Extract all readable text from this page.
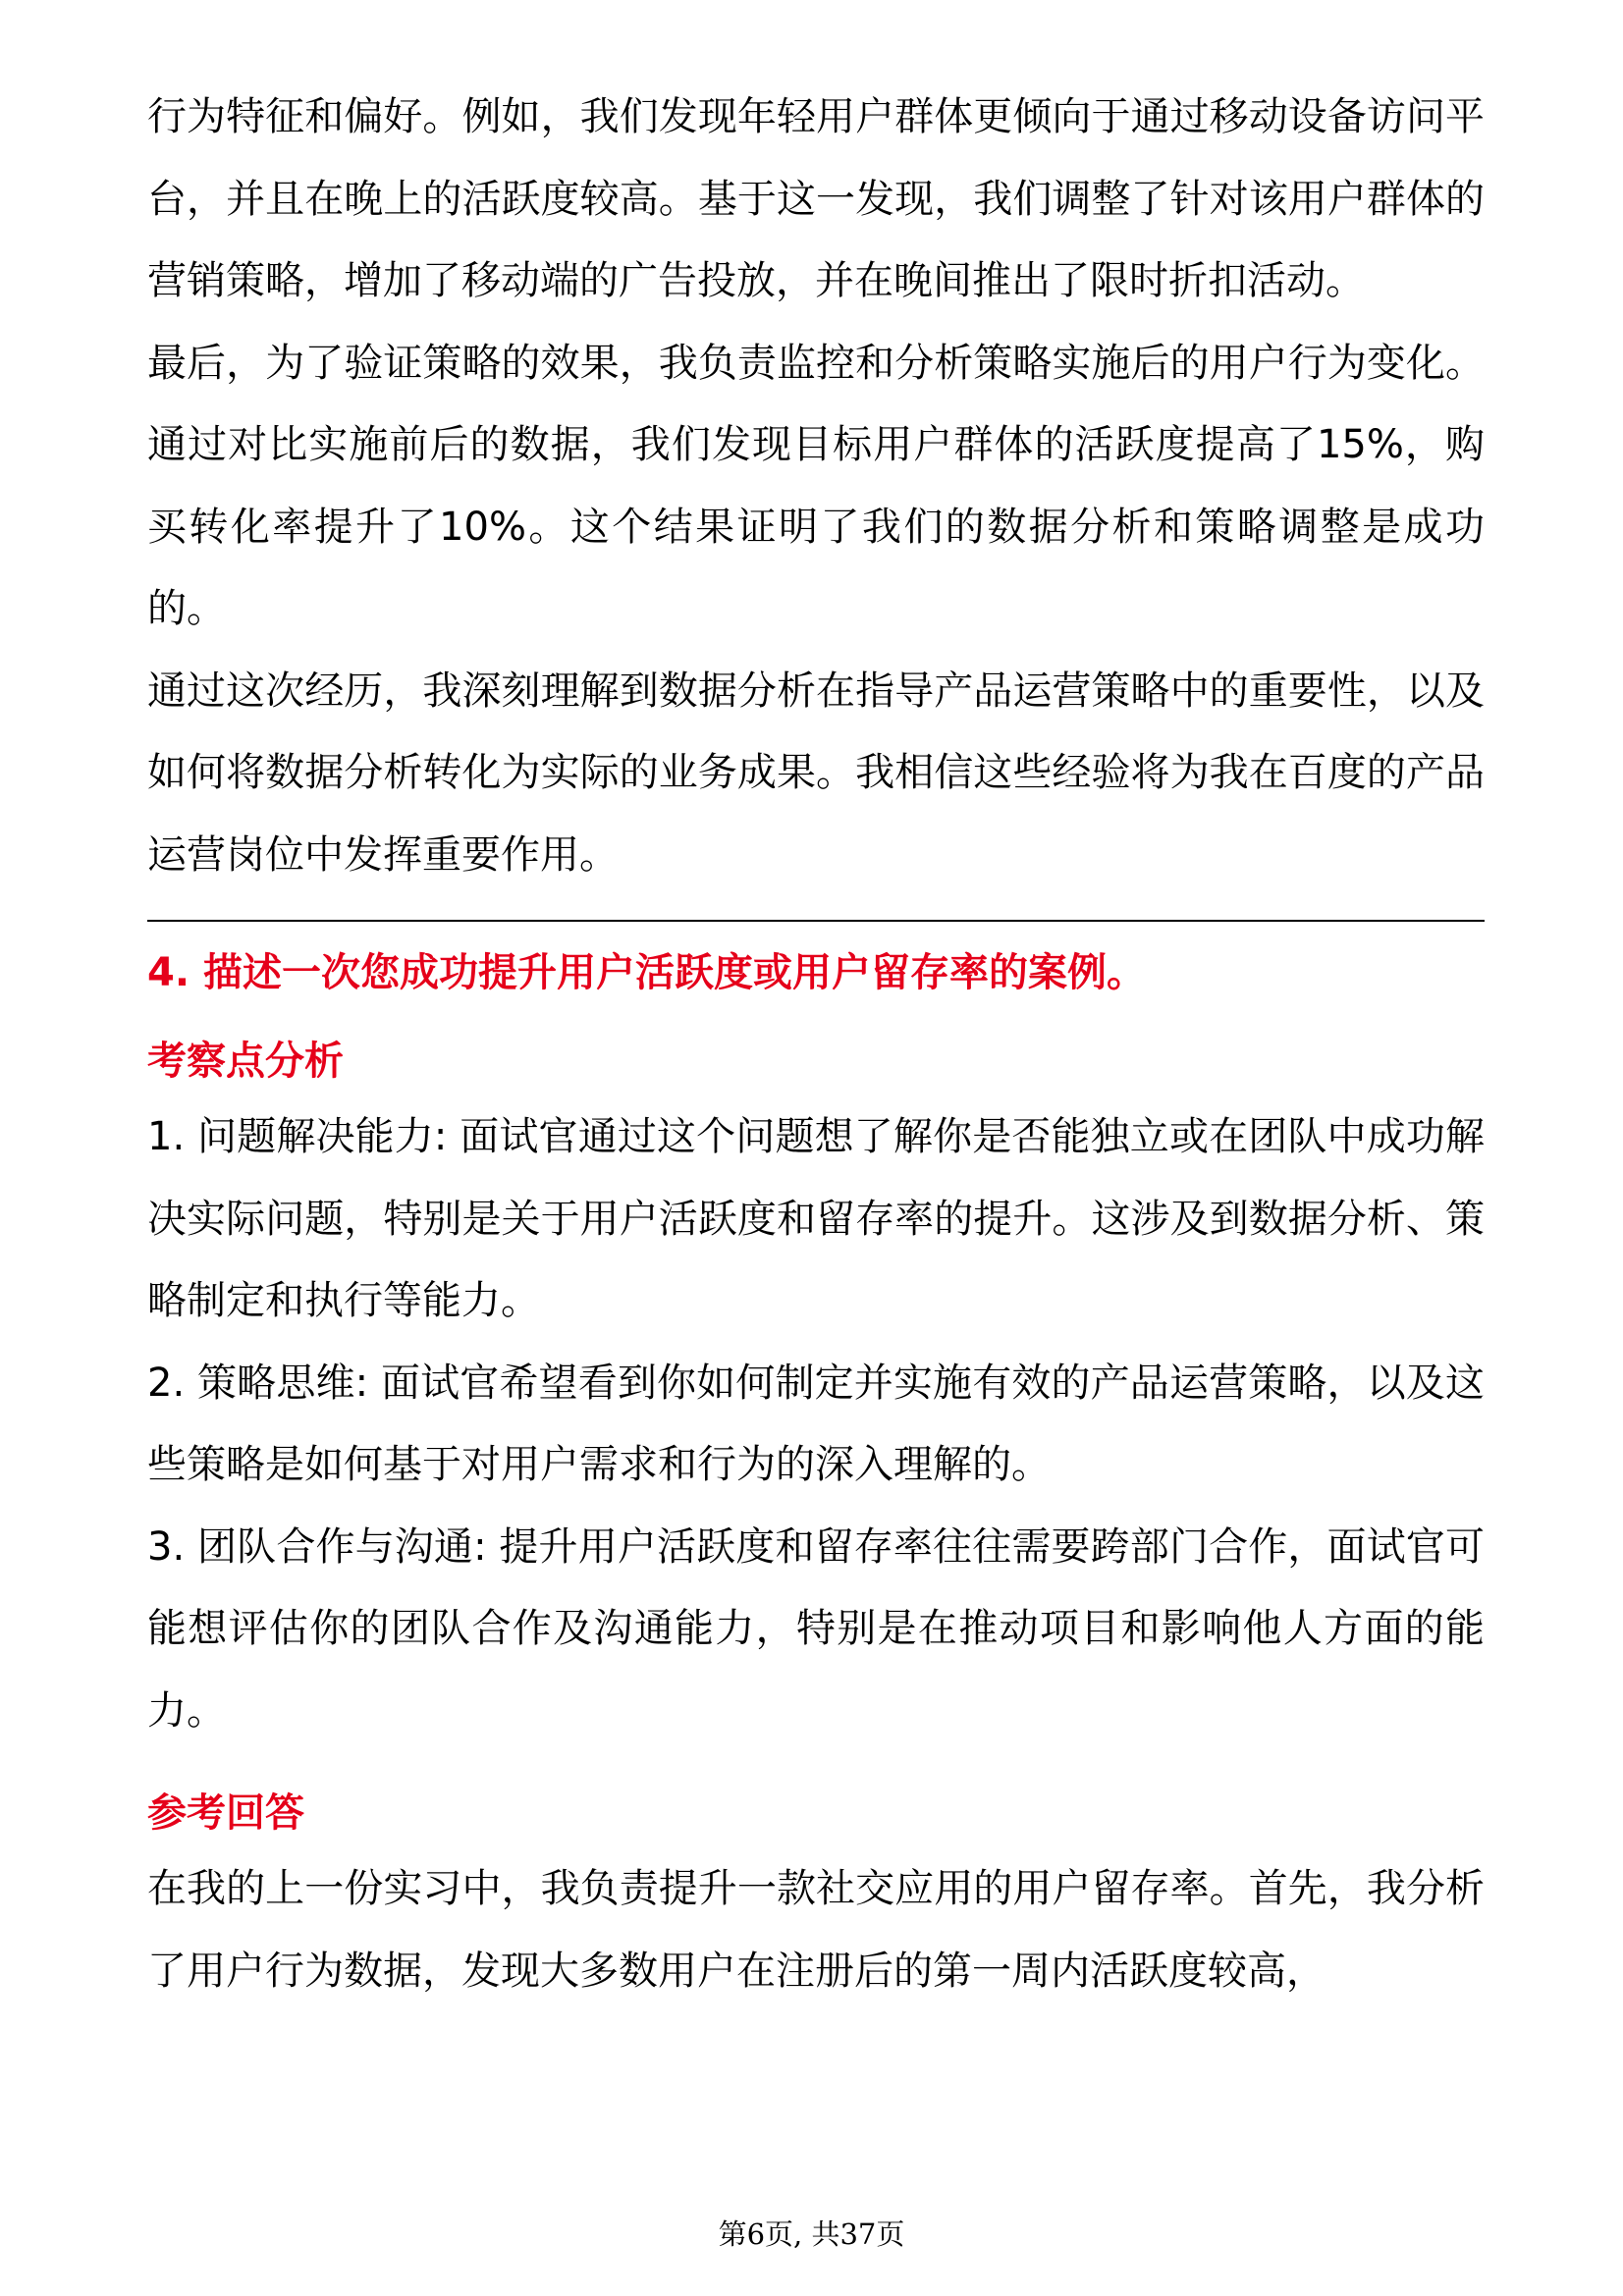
行为特征和偏好。例如，我们发现年轻用户群体更倾向于通过移动设备访问平台，并且在晚上的活跃度较高。基于这一发现，我们调整了针对该用户群体的营销策略，增加了移动端的广告投放，并在晚间推出了限时折扣活动。

最后，为了验证策略的效果，我负责监控和分析策略实施后的用户行为变化。通过对比实施前后的数据，我们发现目标用户群体的活跃度提高了15%，购买转化率提升了10%。这个结果证明了我们的数据分析和策略调整是成功的。

通过这次经历，我深刻理解到数据分析在指导产品运营策略中的重要性，以及如何将数据分析转化为实际的业务成果。我相信这些经验将为我在百度的产品运营岗位中发挥重要作用。

4. 描述一次您成功提升用户活跃度或用户留存率的案例。
考察点分析

1. 问题解决能力: 面试官通过这个问题想了解你是否能独立或在团队中成功解决实际问题，特别是关于用户活跃度和留存率的提升。这涉及到数据分析、策略制定和执行等能力。

2. 策略思维: 面试官希望看到你如何制定并实施有效的产品运营策略，以及这些策略是如何基于对用户需求和行为的深入理解的。

3. 团队合作与沟通: 提升用户活跃度和留存率往往需要跨部门合作，面试官可能想评估你的团队合作及沟通能力，特别是在推动项目和影响他人方面的能力。

参考回答

在我的上一份实习中，我负责提升一款社交应用的用户留存率。首先，我分析了用户行为数据，发现大多数用户在注册后的第一周内活跃度较高，

第6页, 共37页
